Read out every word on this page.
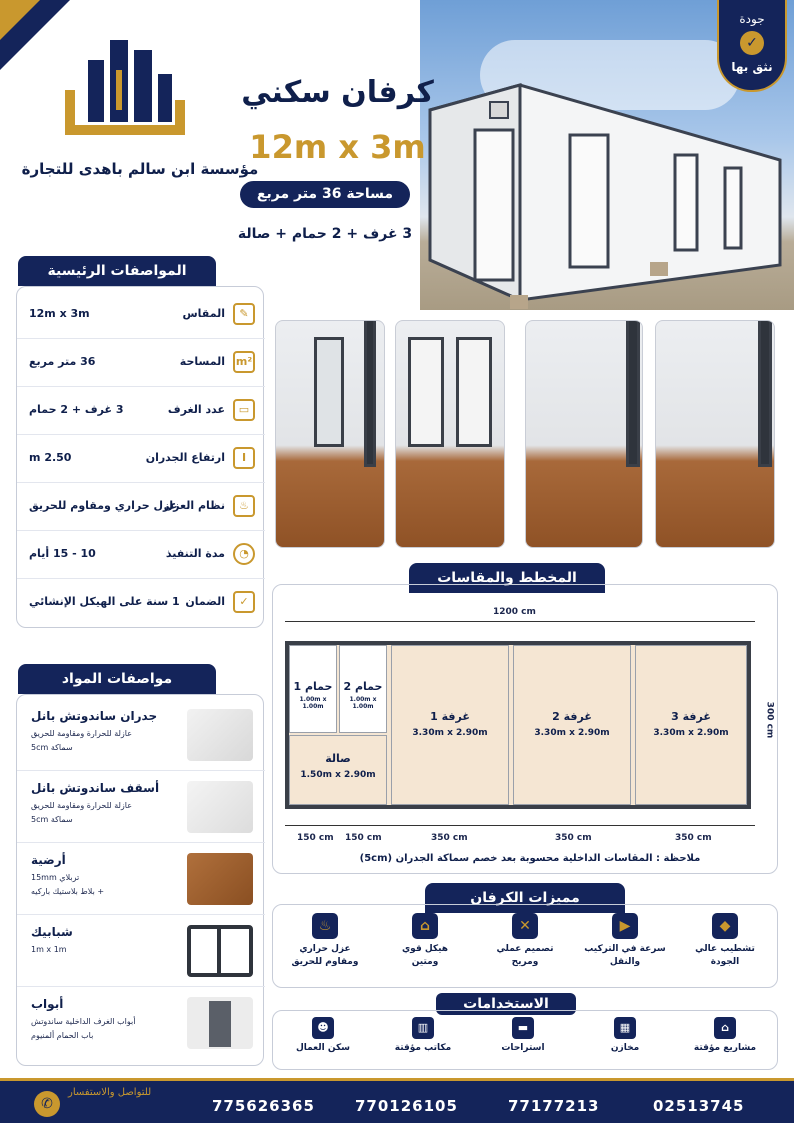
مؤسسة ابن سالم باهدى للتجارة
جودة
✓
نثق بها
كرفان سكني
12m x 3m
مساحة 36 متر مربع
3 غرف + 2 حمام + صالة
المواصفات الرئيسية
✎
المقاس
12m x 3m
m²
المساحة
36 متر مربع
▭
عدد الغرف
3 غرف + 2 حمام
I
ارتفاع الجدران
2.50 m
♨
نظام العزل
عزل حراري ومقاوم للحريق
◔
مدة التنفيذ
10 - 15 أيام
✓
الضمان
1 سنة على الهيكل الإنشائي
المخطط والمقاسات
1200 cm
300 cm
حمام 1
1.00m x 1.00m
حمام 2
1.00m x 1.00m
صالة
1.50m x 2.90m
غرفة 1
3.30m x 2.90m
غرفة 2
3.30m x 2.90m
غرفة 3
3.30m x 2.90m
150 cm 150 cm	350 cm	350 cm	350 cm
ملاحظة : المقاسات الداخلية محسوبة بعد خصم سماكة الجدران (5cm)
مواصفات المواد
جدران ساندوتش بانل
عازلة للحرارة ومقاومة للحريق
سماكة 5cm
أسقف ساندوتش بانل
عازلة للحرارة ومقاومة للحريق
سماكة 5cm
أرضية
تربلاي 15mm
+ بلاط بلاستيك باركيه
شبابيك
1m x 1m
أبواب
أبواب الغرف الداخلية ساندوتش
باب الحمام ألمنيوم
مميزات الكرفان
◆
تشطيب عالي
الجودة
▶
سرعة في التركيب
والنقل
✕
تصميم عملي
ومريح
⌂
هيكل قوي
ومتين
♨
عزل حراري
ومقاوم للحريق
الاستخدامات
⌂
مشاريع مؤقتة
▦
مخازن
▬
استراحات
▥
مكاتب مؤقتة
☻
سكن العمال
✆
للتواصل والاستفسار
775626365	770126105	77177213	02513745
